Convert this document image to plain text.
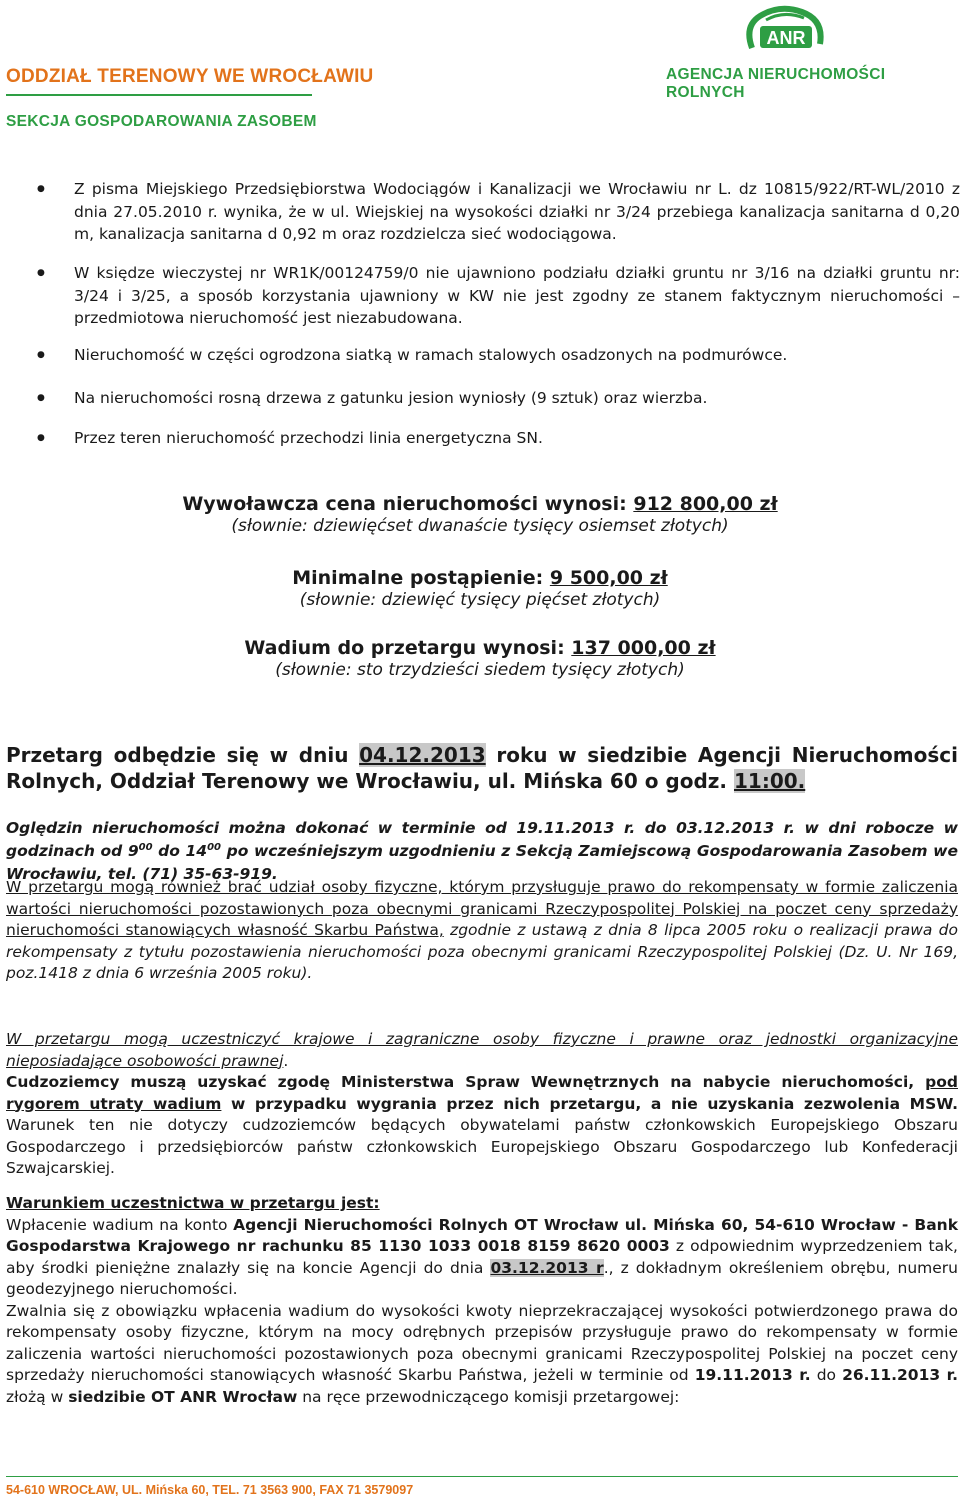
ODDZIAŁ TERENOWY WE WROCŁAWIU
SEKCJA GOSPODAROWANIA ZASOBEM
ANR
AGENCJA NIERUCHOMOŚCI ROLNYCH
● Z pisma Miejskiego Przedsiębiorstwa Wodociągów i Kanalizacji we Wrocławiu nr L. dz 10815/922/RT-WL/2010 z dnia 27.05.2010 r. wynika, że w ul. Wiejskiej na wysokości działki nr 3/24 przebiega kanalizacja sanitarna d 0,20 m, kanalizacja sanitarna d 0,92 m oraz rozdzielcza sieć wodociągowa.
● W księdze wieczystej nr WR1K/00124759/0 nie ujawniono podziału działki gruntu nr 3/16 na działki gruntu nr: 3/24 i 3/25, a sposób korzystania ujawniony w KW nie jest zgodny ze stanem faktycznym nieruchomości – przedmiotowa nieruchomość jest niezabudowana.
● Nieruchomość w części ogrodzona siatką w ramach stalowych osadzonych na podmurówce.
● Na nieruchomości rosną drzewa z gatunku jesion wyniosły (9 sztuk) oraz wierzba.
● Przez teren nieruchomość przechodzi linia energetyczna SN.
Wywoławcza cena nieruchomości wynosi: 912 800,00 zł
(słownie: dziewięćset dwanaście tysięcy osiemset złotych)
Minimalne postąpienie: 9 500,00 zł
(słownie: dziewięć tysięcy pięćset złotych)
Wadium do przetargu wynosi: 137 000,00 zł
(słownie: sto trzydzieści siedem tysięcy złotych)
Przetarg odbędzie się w dniu 04.12.2013 roku w siedzibie Agencji Nieruchomości Rolnych, Oddział Terenowy we Wrocławiu, ul. Mińska 60 o godz. 11:00.
Oględzin nieruchomości można dokonać w terminie od 19.11.2013 r. do 03.12.2013 r. w dni robocze w godzinach od $9^{00}$ do $14^{00}$ po wcześniejszym uzgodnieniu z Sekcją Zamiejscową Gospodarowania Zasobem we Wrocławiu, tel. (71) 35-63-919.
W przetargu mogą również brać udział osoby fizyczne, którym przysługuje prawo do rekompensaty w formie zaliczenia wartości nieruchomości pozostawionych poza obecnymi granicami Rzeczypospolitej Polskiej na poczet ceny sprzedaży nieruchomości stanowiących własność Skarbu Państwa, zgodnie z ustawą z dnia 8 lipca 2005 roku o realizacji prawa do rekompensaty z tytułu pozostawienia nieruchomości poza obecnymi granicami Rzeczypospolitej Polskiej (Dz. U. Nr 169, poz.1418 z dnia 6 września 2005 roku).
W przetargu mogą uczestniczyć krajowe i zagraniczne osoby fizyczne i prawne oraz jednostki organizacyjne nieposiadające osobowości prawnej.
Cudzoziemcy muszą uzyskać zgodę Ministerstwa Spraw Wewnętrznych na nabycie nieruchomości, pod rygorem utraty wadium w przypadku wygrania przez nich przetargu, a nie uzyskania zezwolenia MSW. Warunek ten nie dotyczy cudzoziemców będących obywatelami państw członkowskich Europejskiego Obszaru Gospodarczego i przedsiębiorców państw członkowskich Europejskiego Obszaru Gospodarczego lub Konfederacji Szwajcarskiej.
Warunkiem uczestnictwa w przetargu jest:
Wpłacenie wadium na konto Agencji Nieruchomości Rolnych OT Wrocław ul. Mińska 60, 54-610 Wrocław - Bank Gospodarstwa Krajowego nr rachunku 85 1130 1033 0018 8159 8620 0003 z odpowiednim wyprzedzeniem tak, aby środki pieniężne znalazły się na koncie Agencji do dnia 03.12.2013 r., z dokładnym określeniem obrębu, numeru geodezyjnego nieruchomości.
Zwalnia się z obowiązku wpłacenia wadium do wysokości kwoty nieprzekraczającej wysokości potwierdzonego prawa do rekompensaty osoby fizyczne, którym na mocy odrębnych przepisów przysługuje prawo do rekompensaty w formie zaliczenia wartości nieruchomości pozostawionych poza obecnymi granicami Rzeczypospolitej Polskiej na poczet ceny sprzedaży nieruchomości stanowiących własność Skarbu Państwa, jeżeli w terminie od 19.11.2013 r. do 26.11.2013 r. złożą w siedzibie OT ANR Wrocław na ręce przewodniczącego komisji przetargowej:
54-610 WROCŁAW, UL. Mińska 60, TEL. 71 3563 900, FAX 71 3579097
